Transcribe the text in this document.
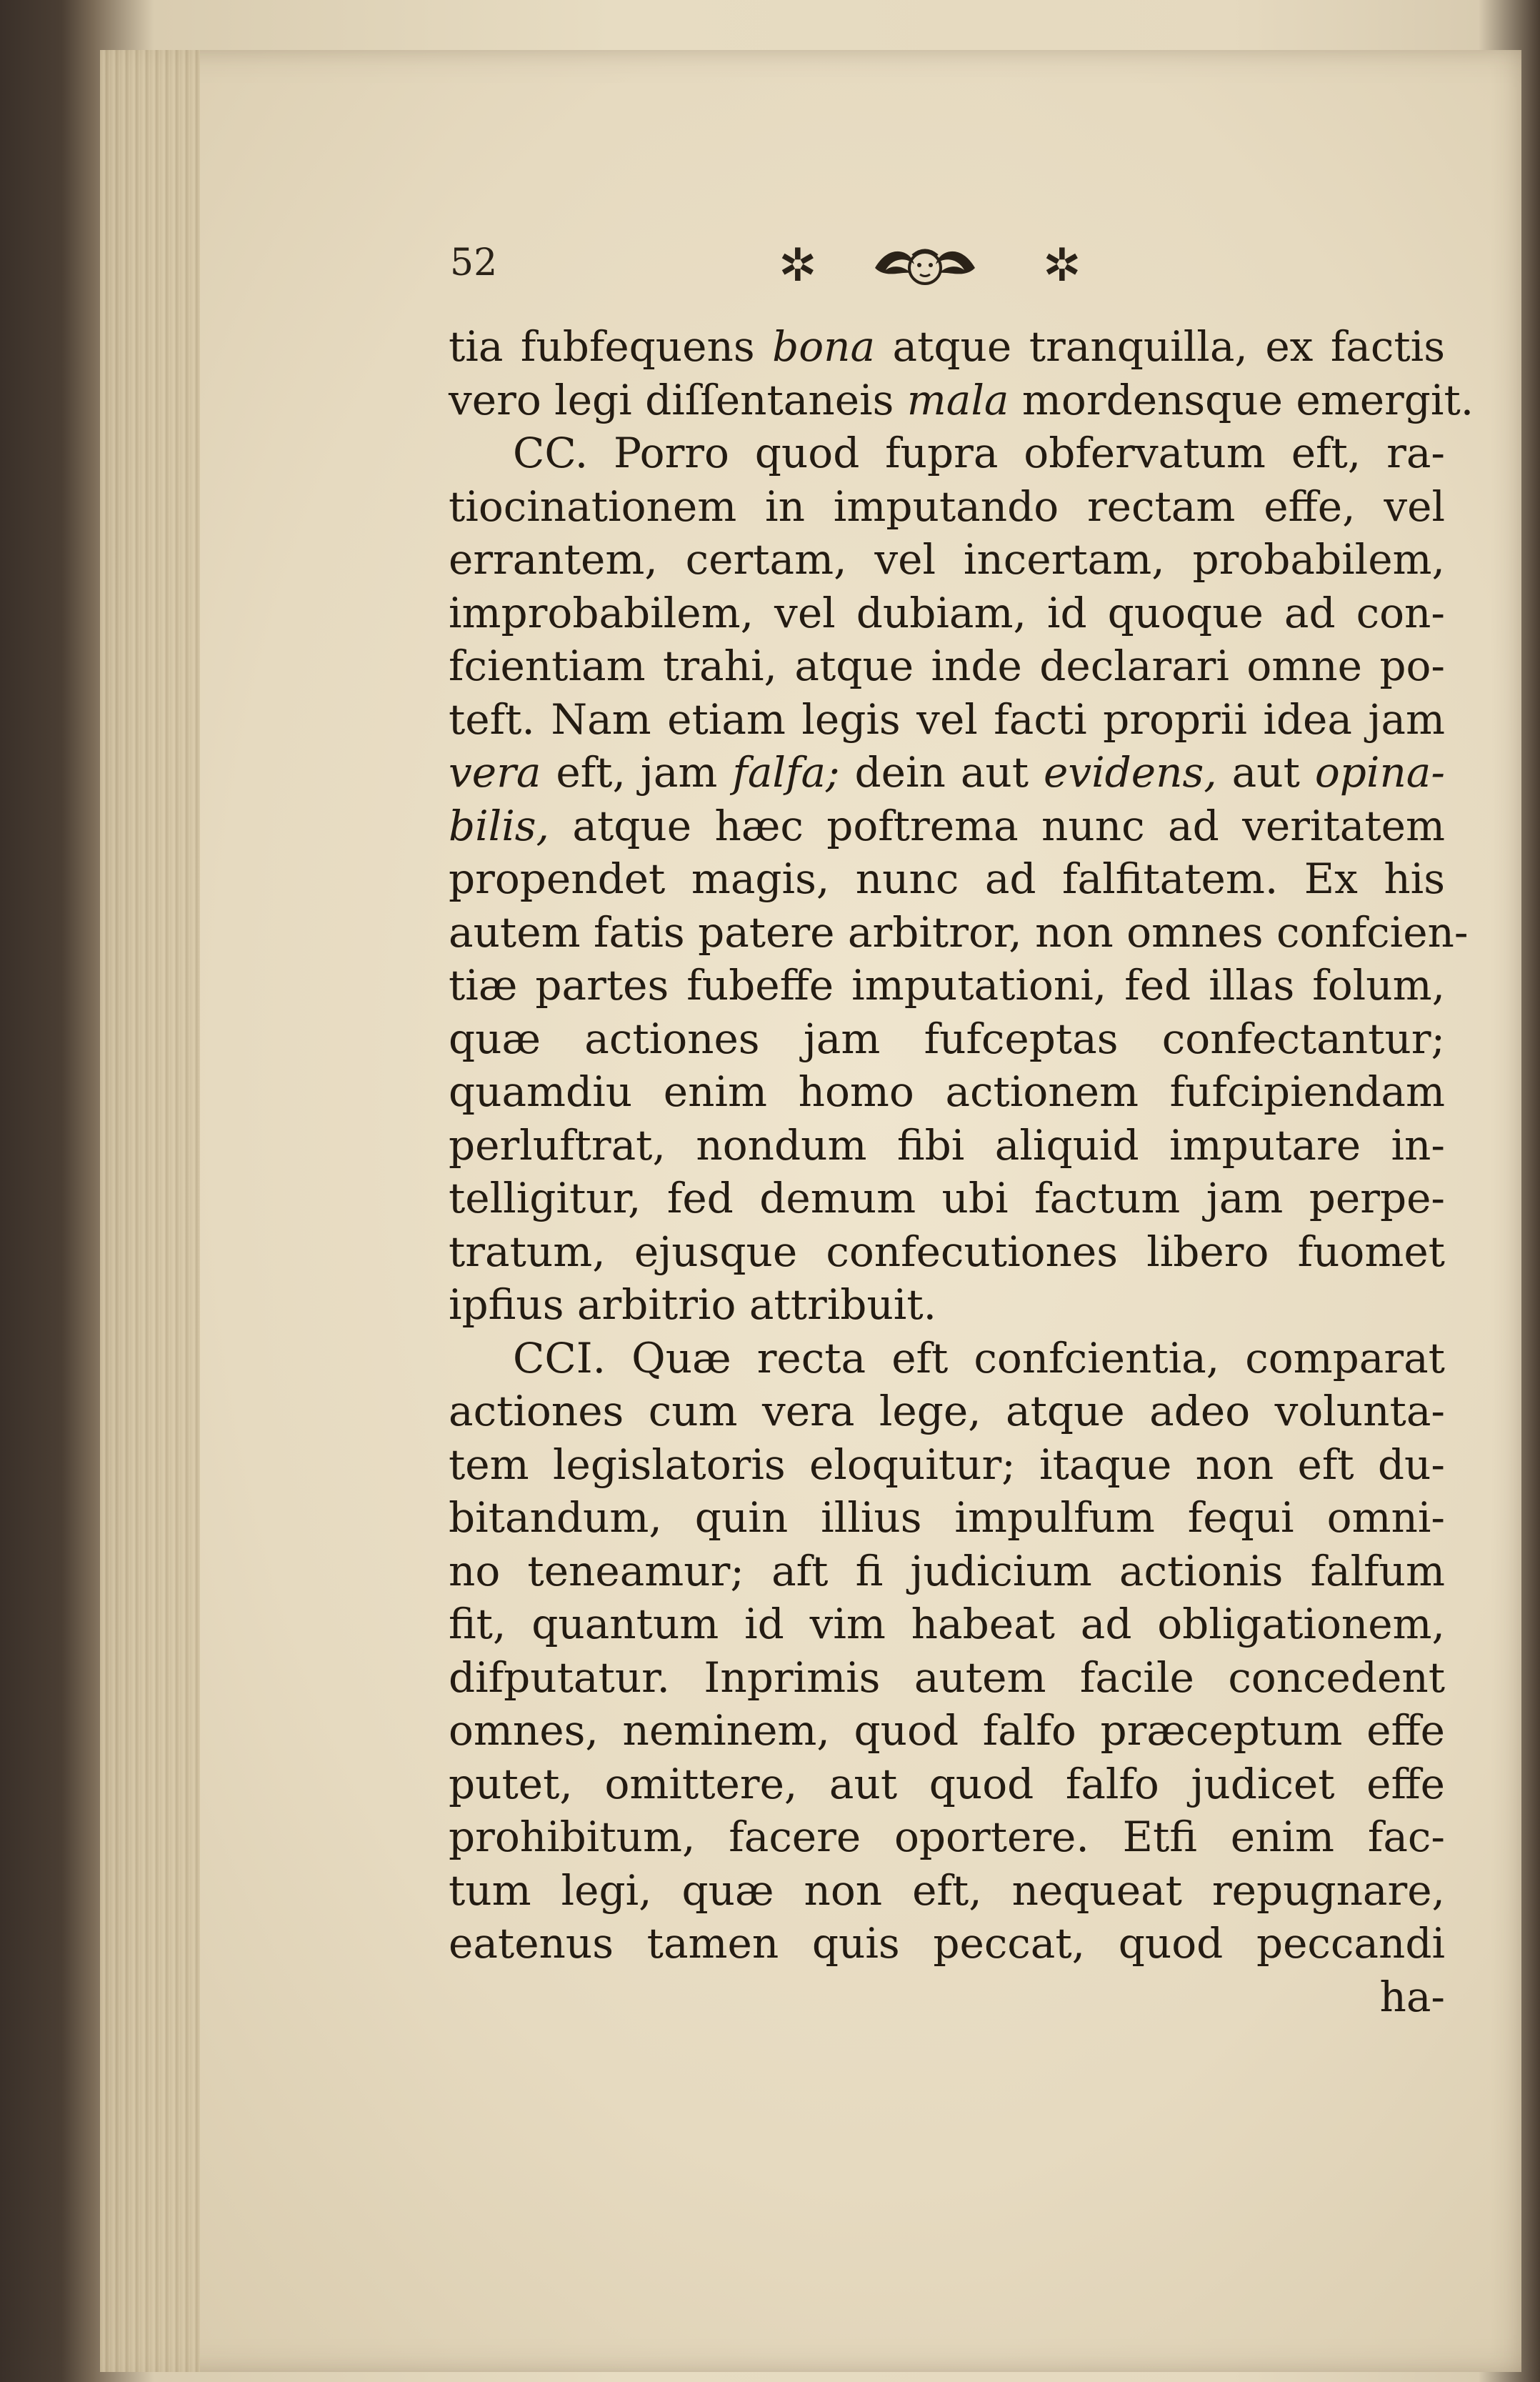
52	✲	✲
tia fubfequens bona atque tranquilla, ex factis
vero legi diſſentaneis mala mordensque emergit.
CC. Porro quod fupra obfervatum eft, ra-
tiocinationem in imputando rectam effe, vel
errantem, certam, vel incertam, probabilem,
improbabilem, vel dubiam, id quoque ad con-
fcientiam trahi, atque inde declarari omne po-
teft. Nam etiam legis vel facti proprii idea jam
vera eft, jam falfa; dein aut evidens, aut opina-
bilis, atque hæc poftrema nunc ad veritatem
propendet magis, nunc ad falfitatem. Ex his
autem fatis patere arbitror, non omnes confcien-
tiæ partes fubeffe imputationi, fed illas folum,
quæ actiones jam fufceptas confectantur;
quamdiu enim homo actionem fufcipiendam
perluftrat, nondum fibi aliquid imputare in-
telligitur, fed demum ubi factum jam perpe-
tratum, ejusque confecutiones libero fuomet
ipfius arbitrio attribuit.
CCI. Quæ recta eft confcientia, comparat
actiones cum vera lege, atque adeo volunta-
tem legislatoris eloquitur; itaque non eft du-
bitandum, quin illius impulfum fequi omni-
no teneamur; aft fi judicium actionis falfum
fit, quantum id vim habeat ad obligationem,
difputatur. Inprimis autem facile concedent
omnes, neminem, quod falfo præceptum effe
putet, omittere, aut quod falfo judicet effe
prohibitum, facere oportere. Etfi enim fac-
tum legi, quæ non eft, nequeat repugnare,
eatenus tamen quis peccat, quod peccandi
ha-
